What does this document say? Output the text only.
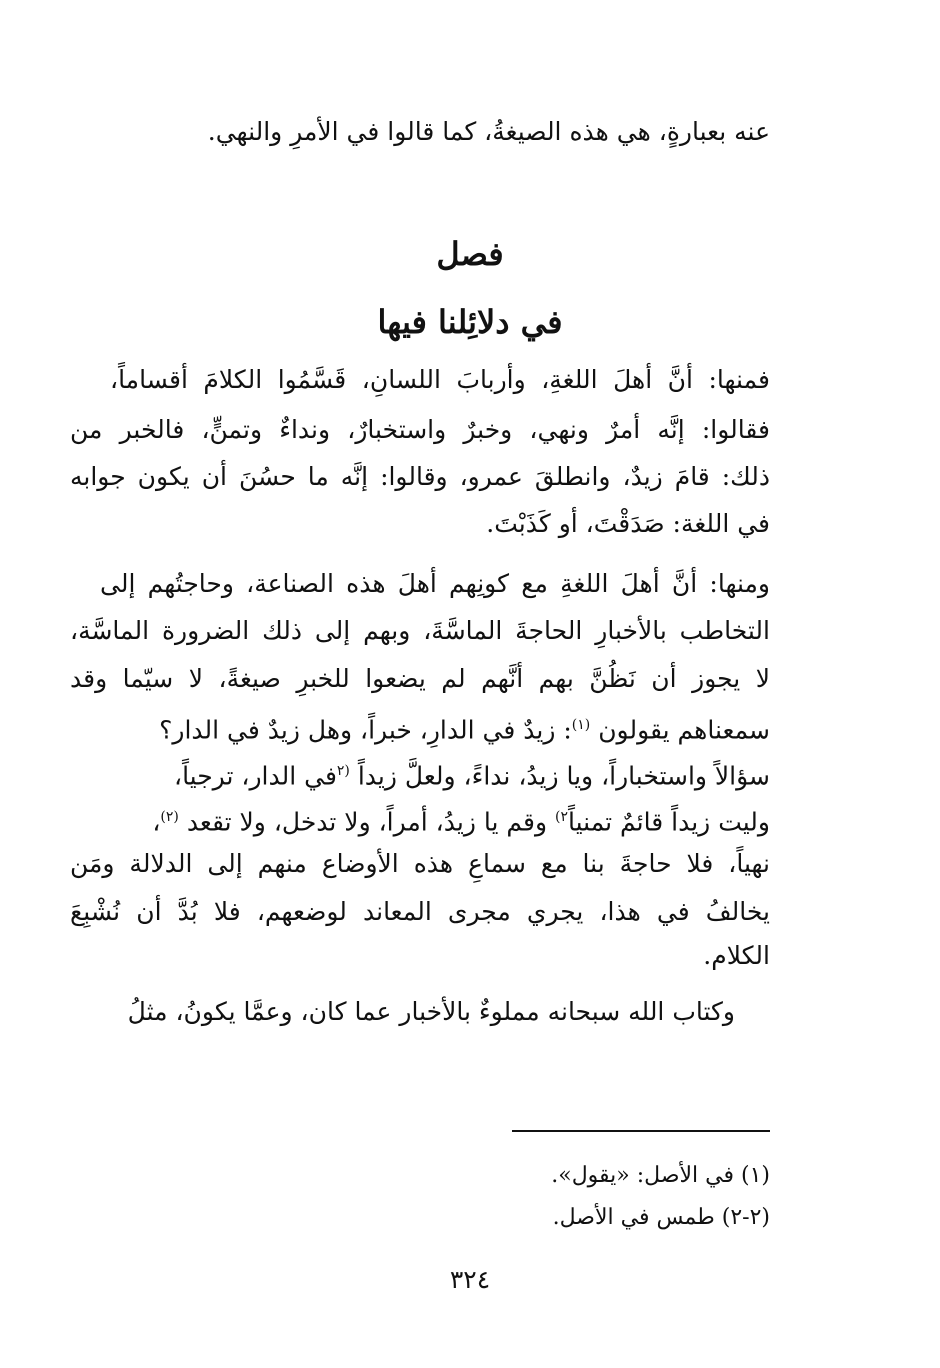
عنه بعبارةٍ، هي هذه الصيغةُ، كما قالوا في الأمرِ والنهي.
فصل
في دلائِلنا فيها
فمنها: أنَّ أهلَ اللغةِ، وأربابَ اللسانِ، قَسَّمُوا الكلامَ أقساماً،
فقالوا: إنَّه أمرٌ ونهي، وخبرٌ واستخبارٌ، ونداءٌ وتمنٍّ، فالخبر من
ذلك: قامَ زيدٌ، وانطلقَ عمرو، وقالوا: إنَّه ما حسُنَ أن يكون جوابه
في اللغة: صَدَقْتَ، أو كَذَبْتَ.
ومنها: أنَّ أهلَ اللغةِ مع كونِهم أهلَ هذه الصناعة، وحاجتُهم إلى
التخاطب بالأخبارِ الحاجةَ الماسَّةَ، وبهم إلى ذلك الضرورة الماسَّة،
لا يجوز أن نَظُنَّ بهم أنَّهم لم يضعوا للخبرِ صيغةً، لا سيّما وقد
سمعناهم يقولون $^{(١)}$: زيدٌ في الدارِ، خبراً، وهل زيدٌ في الدار؟
سؤالاً واستخباراً، ويا زيدُ، نداءً، ولعلَّ زيداً $^{(٢}$في الدار، ترجياً،
وليت زيداً قائمٌ تمنياً$^{٢)}$ وقم يا زيدُ، أمراً، ولا تدخل، ولا تقعد $^{(٢)}$،
نهياً، فلا حاجةَ بنا مع سماعِ هذه الأوضاع منهم إلى الدلالة ومَن
يخالفُ في هذا، يجري مجرى المعاند لوضعهم، فلا بُدَّ أن نُشْبِعَ
الكلام.
وكتاب الله سبحانه مملوءٌ بالأخبار عما كان، وعمَّا يكونُ، مثلُ
(١) في الأصل: «يقول».
(٢-٢) طمس في الأصل.
٣٢٤
